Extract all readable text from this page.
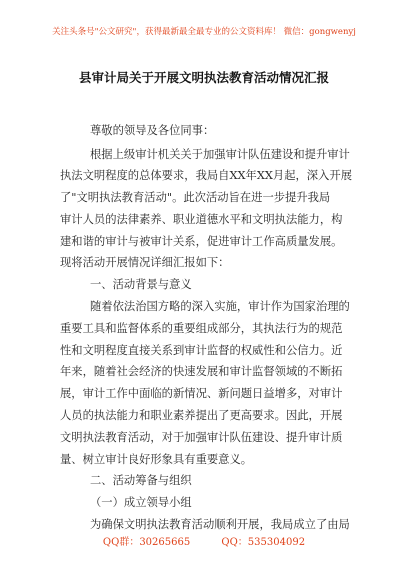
关注头条号"公文研究"，获得最新最全最专业的公文资料库！ 微信：gongwenyj
县审计局关于开展文明执法教育活动情况汇报
尊敬的领导及各位同事：
根据上级审计机关关于加强审计队伍建设和提升审计
执法文明程度的总体要求，我局自XX年XX月起，深入开展
了"文明执法教育活动"。此次活动旨在进一步提升我局
审计人员的法律素养、职业道德水平和文明执法能力，构
建和谐的审计与被审计关系，促进审计工作高质量发展。
现将活动开展情况详细汇报如下：
一、活动背景与意义
随着依法治国方略的深入实施，审计作为国家治理的
重要工具和监督体系的重要组成部分，其执法行为的规范
性和文明程度直接关系到审计监督的权威性和公信力。近
年来，随着社会经济的快速发展和审计监督领域的不断拓
展，审计工作中面临的新情况、新问题日益增多，对审计
人员的执法能力和职业素养提出了更高要求。因此，开展
文明执法教育活动，对于加强审计队伍建设、提升审计质
量、树立审计良好形象具有重要意义。
二、活动筹备与组织
（一）成立领导小组
为确保文明执法教育活动顺利开展，我局成立了由局
QQ群：30265665	QQ：535304092
